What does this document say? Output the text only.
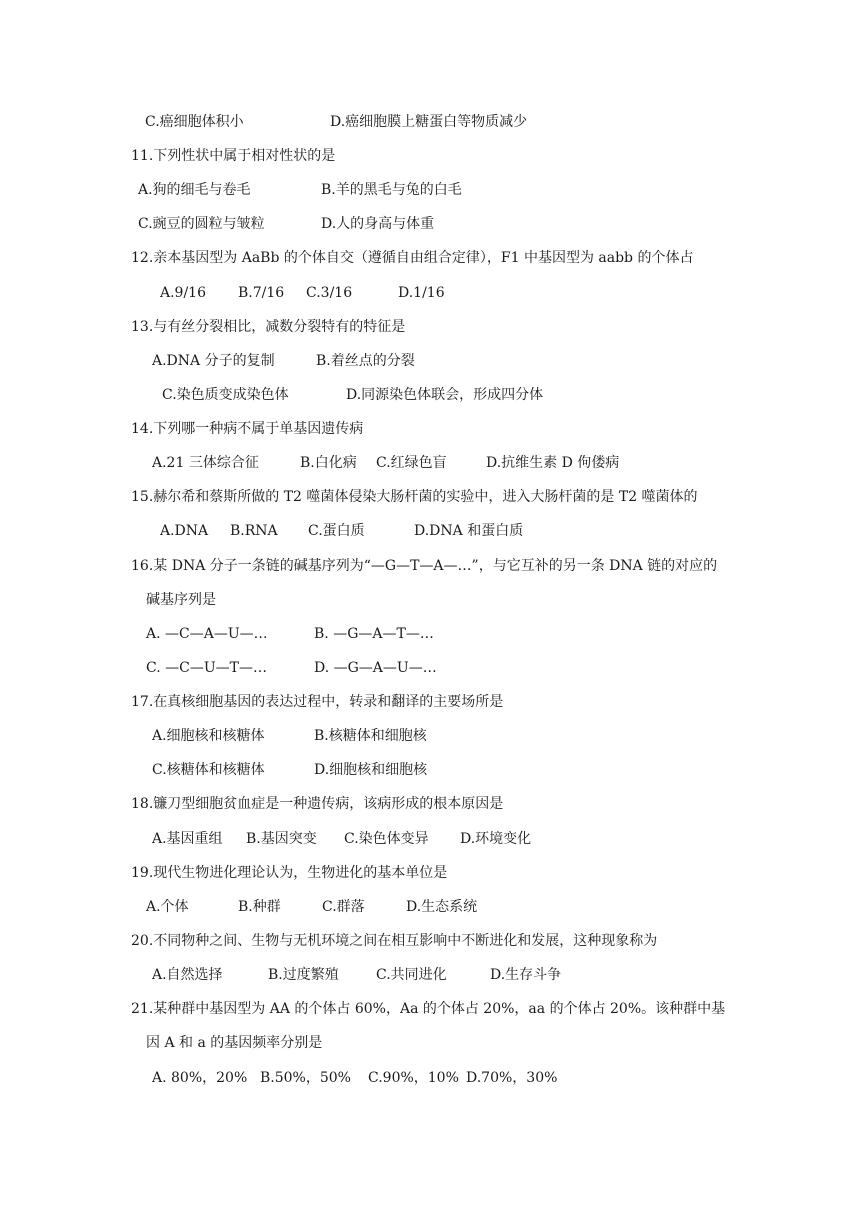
C.癌细胞体积小	D.癌细胞膜上糖蛋白等物质减少
11.下列性状中属于相对性状的是
A.狗的细毛与卷毛	B.羊的黑毛与兔的白毛
C.豌豆的圆粒与皱粒	D.人的身高与体重
12.亲本基因型为 AaBb 的个体自交（遵循自由组合定律），F1 中基因型为 aabb 的个体占
A.9/16 B.7/16 C.3/16	D.1/16
13.与有丝分裂相比，减数分裂特有的特征是
A.DNA 分子的复制	B.着丝点的分裂
C.染色质变成染色体	D.同源染色体联会，形成四分体
14.下列哪一种病不属于单基因遗传病
A.21 三体综合征	B.白化病 C.红绿色盲	D.抗维生素 D 佝偻病
15.赫尔希和蔡斯所做的 T2 噬菌体侵染大肠杆菌的实验中，进入大肠杆菌的是 T2 噬菌体的
A.DNA B.RNA C.蛋白质	D.DNA 和蛋白质
16.某 DNA 分子一条链的碱基序列为“—G—T—A—…”，与它互补的另一条 DNA 链的对应的
碱基序列是
A. —C—A—U—…	B. —G—A—T—…
C. —C—U—T—…	D. —G—A—U—…
17.在真核细胞基因的表达过程中，转录和翻译的主要场所是
A.细胞核和核糖体	B.核糖体和细胞核
C.核糖体和核糖体	D.细胞核和细胞核
18.镰刀型细胞贫血症是一种遗传病，该病形成的根本原因是
A.基因重组 B.基因突变 C.染色体变异 D.环境变化
19.现代生物进化理论认为，生物进化的基本单位是
A.个体	B.种群	C.群落	D.生态系统
20.不同物种之间、生物与无机环境之间在相互影响中不断进化和发展，这种现象称为
A.自然选择	B.过度繁殖	C.共同进化	D.生存斗争
21.某种群中基因型为 AA 的个体占 60%，Aa 的个体占 20%，aa 的个体占 20%。该种群中基
因 A 和 a 的基因频率分别是
A. 80%，20% B.50%，50% C.90%，10% D.70%，30%
